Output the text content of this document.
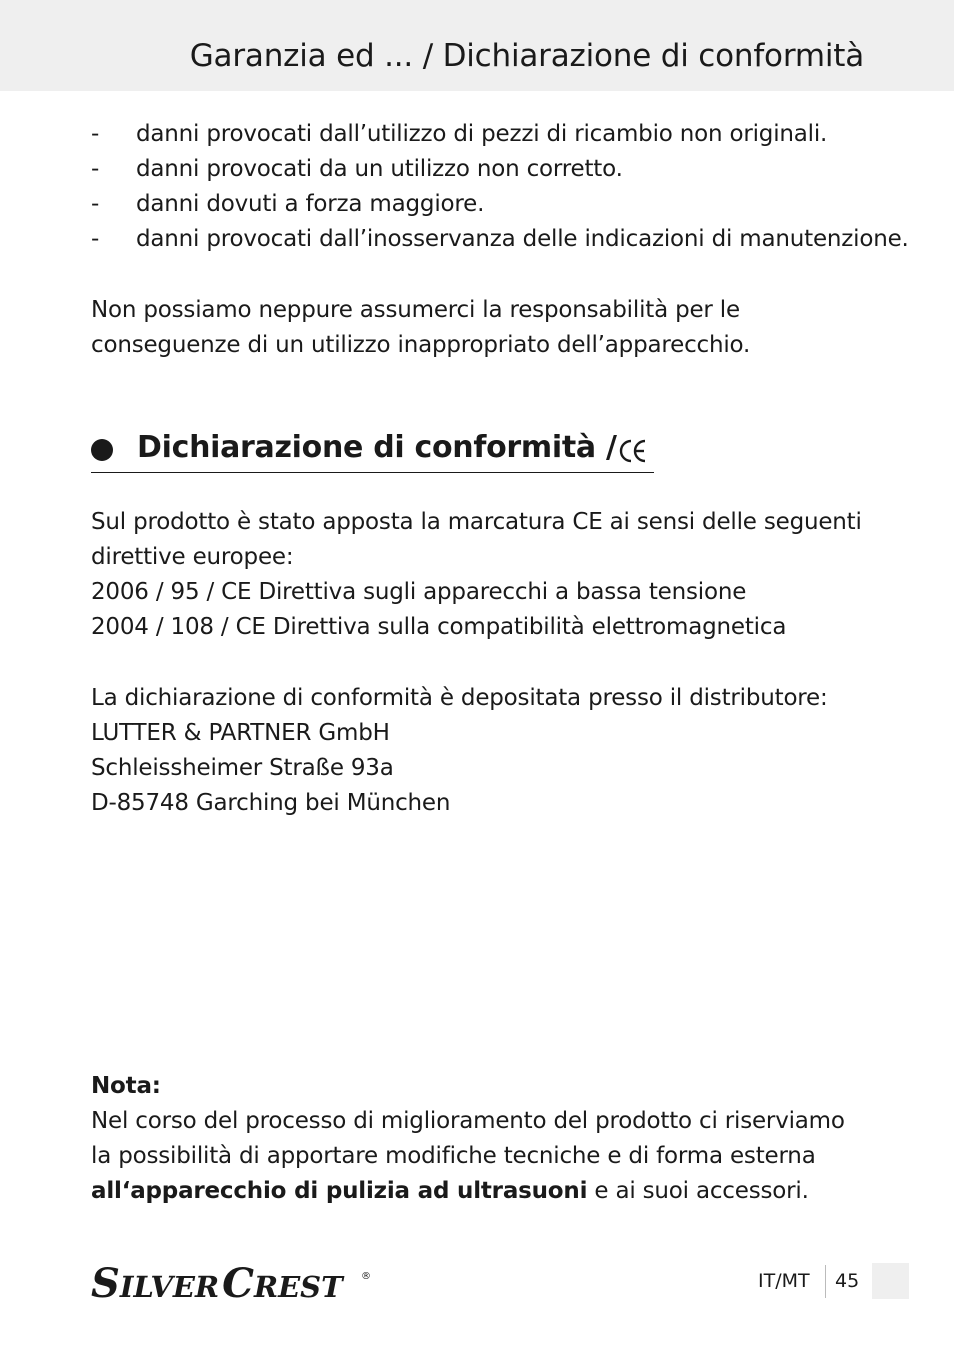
Garanzia ed ... / Dichiarazione di conformità
- danni provocati dall’utilizzo di pezzi di ricambio non originali.
- danni provocati da un utilizzo non corretto.
- danni dovuti a forza maggiore.
- danni provocati dall’inosservanza delle indicazioni di manutenzione.
Non possiamo neppure assumerci la responsabilità per le
conseguenze di un utilizzo inappropriato dell’apparecchio.
Dichiarazione di conformità /
Sul prodotto è stato apposta la marcatura CE ai sensi delle seguenti
direttive europee:
2006 / 95 / CE Direttiva sugli apparecchi a bassa tensione
2004 / 108 / CE Direttiva sulla compatibilità elettromagnetica
La dichiarazione di conformità è depositata presso il distributore:
LUTTER & PARTNER GmbH
Schleissheimer Straße 93a
D-85748 Garching bei München
Nota:
Nel corso del processo di miglioramento del prodotto ci riserviamo
la possibilità di apportare modifiche tecniche e di forma esterna
all‘apparecchio di pulizia ad ultrasuoni e ai suoi accessori.
SILVERCREST ®	IT/MT 45
